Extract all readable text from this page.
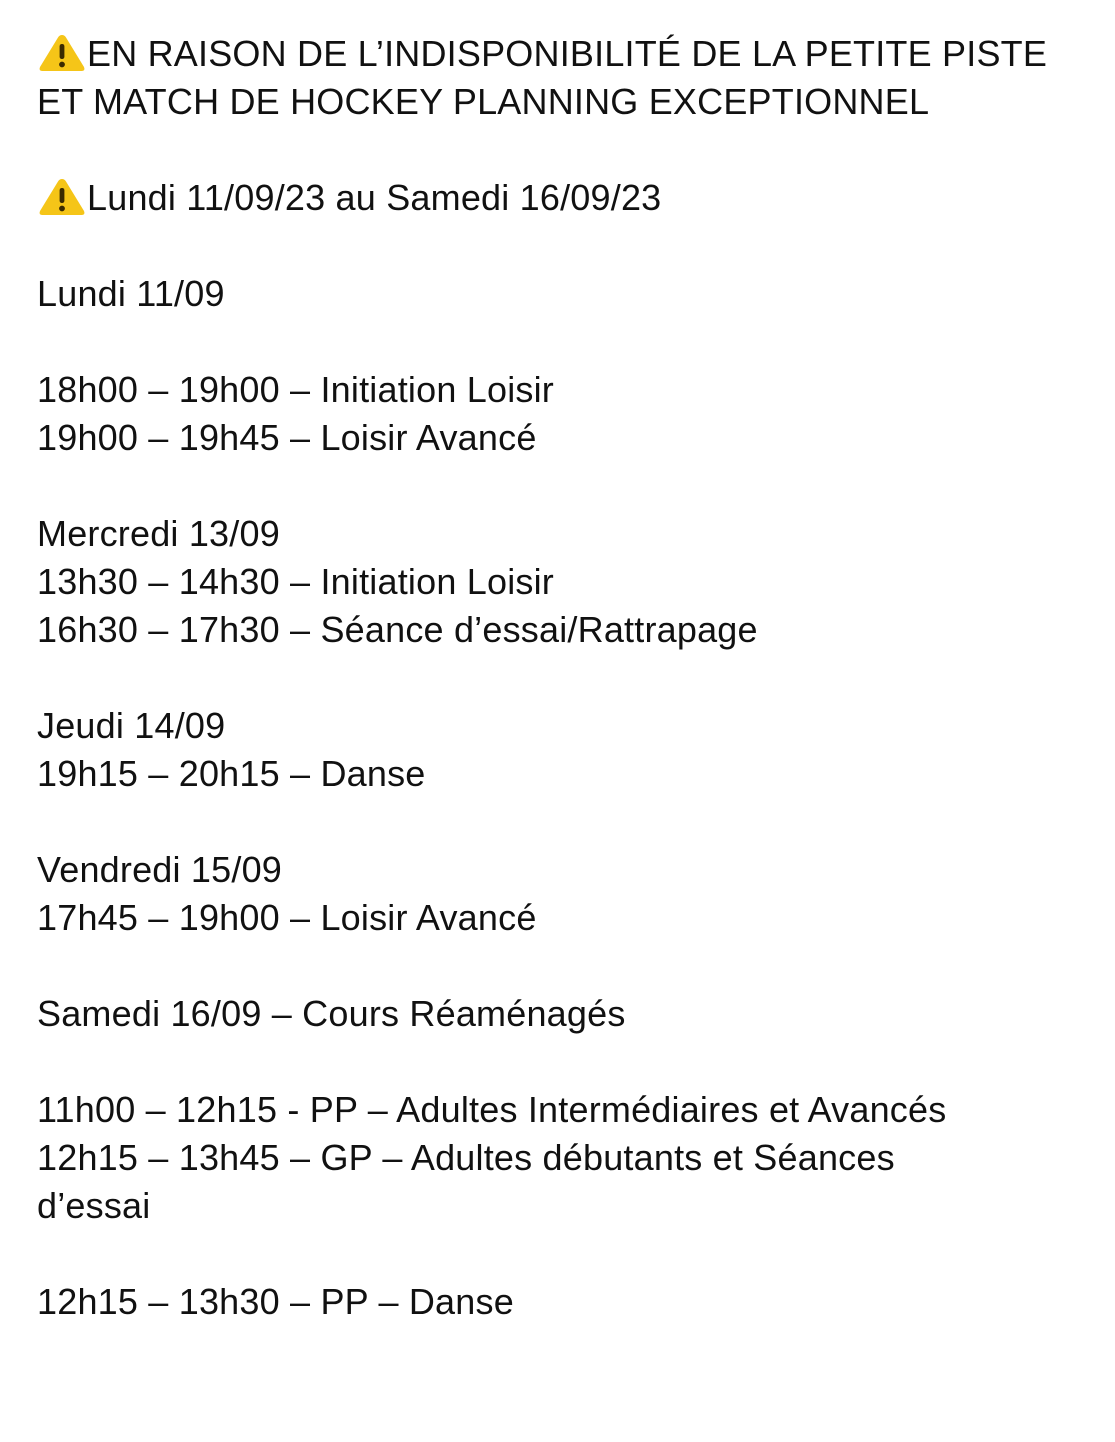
EN RAISON DE L’INDISPONIBILITÉ DE LA PETITE PISTE
ET MATCH DE HOCKEY PLANNING EXCEPTIONNEL
Lundi 11/09/23 au Samedi 16/09/23
Lundi 11/09
18h00 – 19h00 – Initiation Loisir
19h00 – 19h45 – Loisir Avancé
Mercredi 13/09
13h30 – 14h30 – Initiation Loisir
16h30 – 17h30 – Séance d’essai/Rattrapage
Jeudi 14/09
19h15 – 20h15 – Danse
Vendredi 15/09
17h45 – 19h00 – Loisir Avancé
Samedi 16/09 – Cours Réaménagés
11h00 – 12h15 - PP – Adultes Intermédiaires et Avancés
12h15 – 13h45 – GP – Adultes débutants et Séances d’essai
12h15 – 13h30 – PP – Danse
